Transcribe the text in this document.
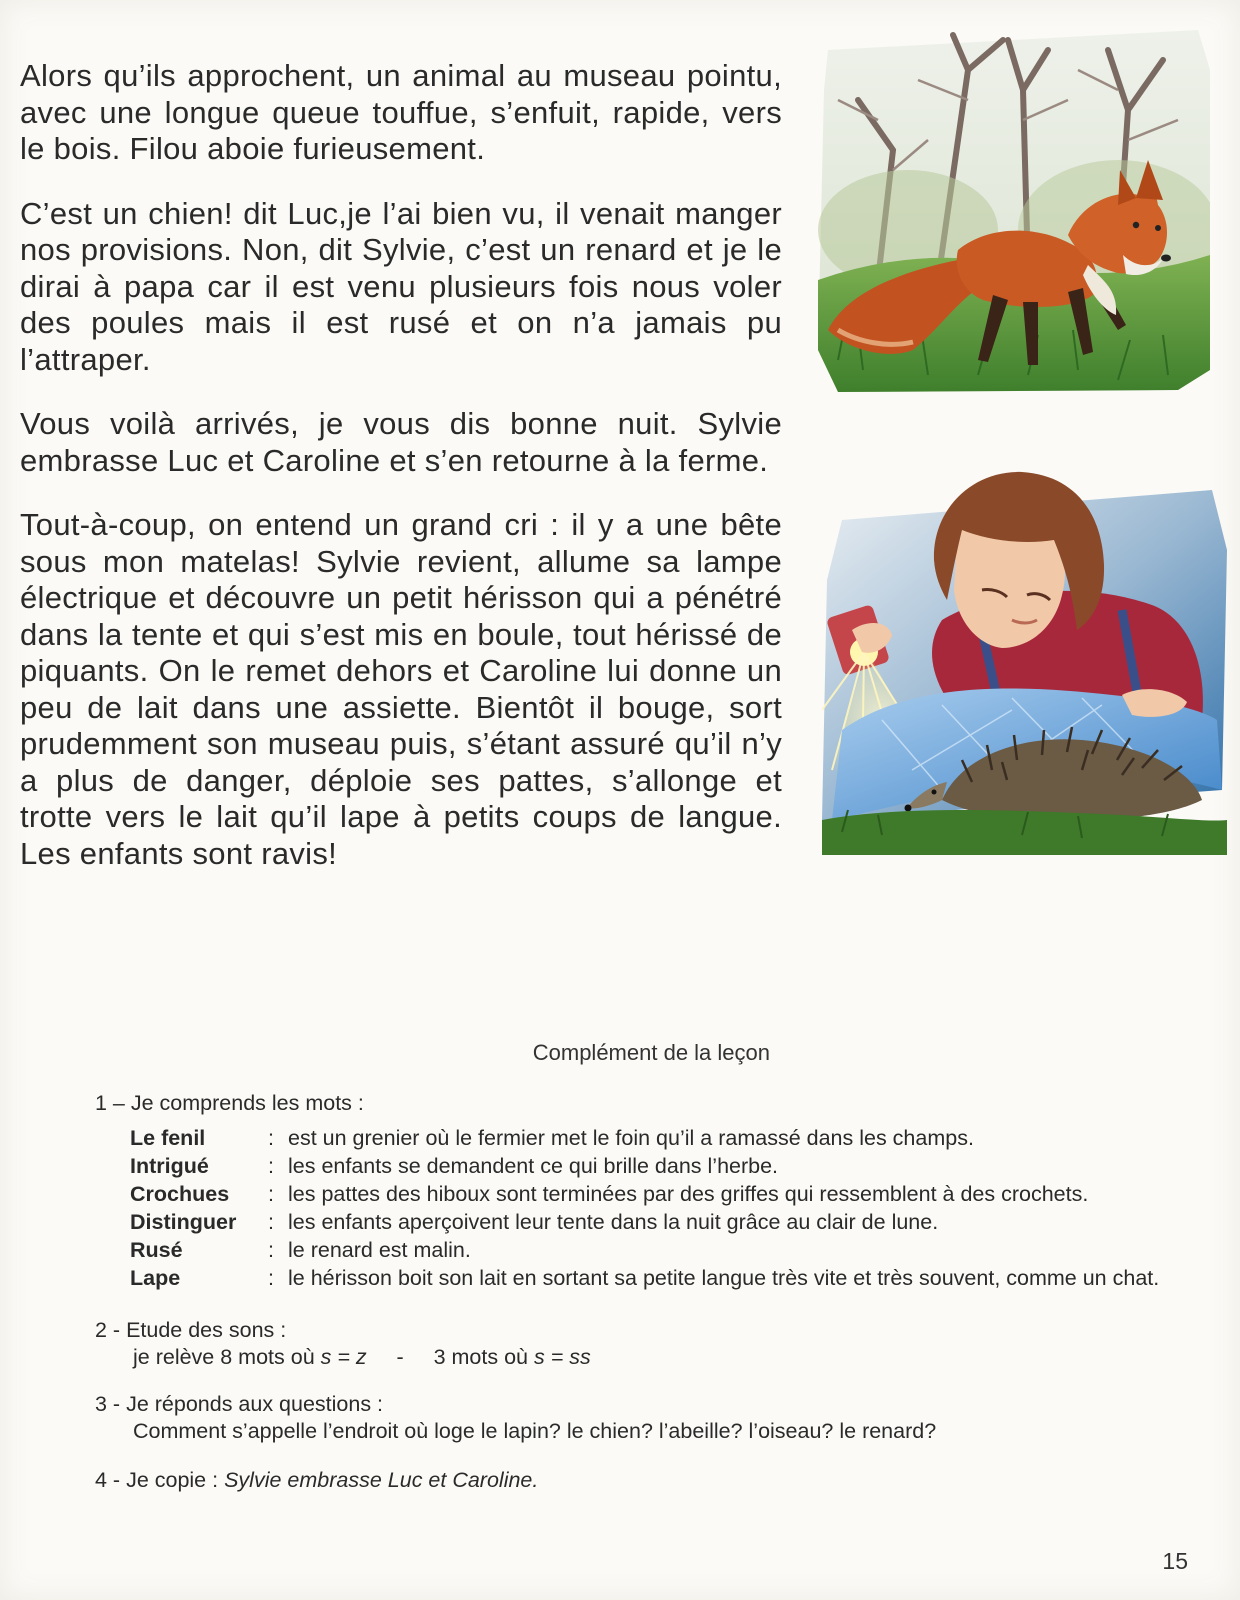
Alors qu’ils approchent, un animal au museau pointu, avec une longue queue touffue, s’enfuit, rapide, vers le bois. Filou aboie furieusement.

C’est un chien! dit Luc,je l’ai bien vu, il venait manger nos provisions. Non, dit Sylvie, c’est un renard et je le dirai à papa car il est venu plusieurs fois nous voler des poules mais il est rusé et on n’a jamais pu l’attraper.

Vous voilà arrivés, je vous dis bonne nuit. Sylvie embrasse Luc et Caroline et s’en retourne à la ferme.

Tout-à-coup, on entend un grand cri : il y a une bête sous mon matelas! Sylvie revient, allume sa lampe électrique et découvre un petit hérisson qui a pénétré dans la tente et qui s’est mis en boule, tout hérissé de piquants. On le remet dehors et Caroline lui donne un peu de lait dans une assiette. Bientôt il bouge, sort prudemment son museau puis, s’étant assuré qu’il n’y a plus de danger, déploie ses pattes, s’allonge et trotte vers le lait qu’il lape à petits coups de langue. Les enfants sont ravis!

Complément de la leçon

1 – Je comprends les mots :

Le fenil	: est un grenier où le fermier met le foin qu’il a ramassé dans les champs.
Intrigué	: les enfants se demandent ce qui brille dans l’herbe.
Crochues	: les pattes des hiboux sont terminées par des griffes qui ressemblent à des crochets.
Distinguer	: les enfants aperçoivent leur tente dans la nuit grâce au clair de lune.
Rusé	: le renard est malin.
Lape	: le hérisson boit son lait en sortant sa petite langue très vite et très souvent, comme un chat.

2 - Etude des sons :

je relève 8 mots où s = z - 3 mots où s = ss

3 - Je réponds aux questions :

Comment s’appelle l’endroit où loge le lapin? le chien? l’abeille? l’oiseau? le renard?

4 - Je copie : Sylvie embrasse Luc et Caroline.

15
